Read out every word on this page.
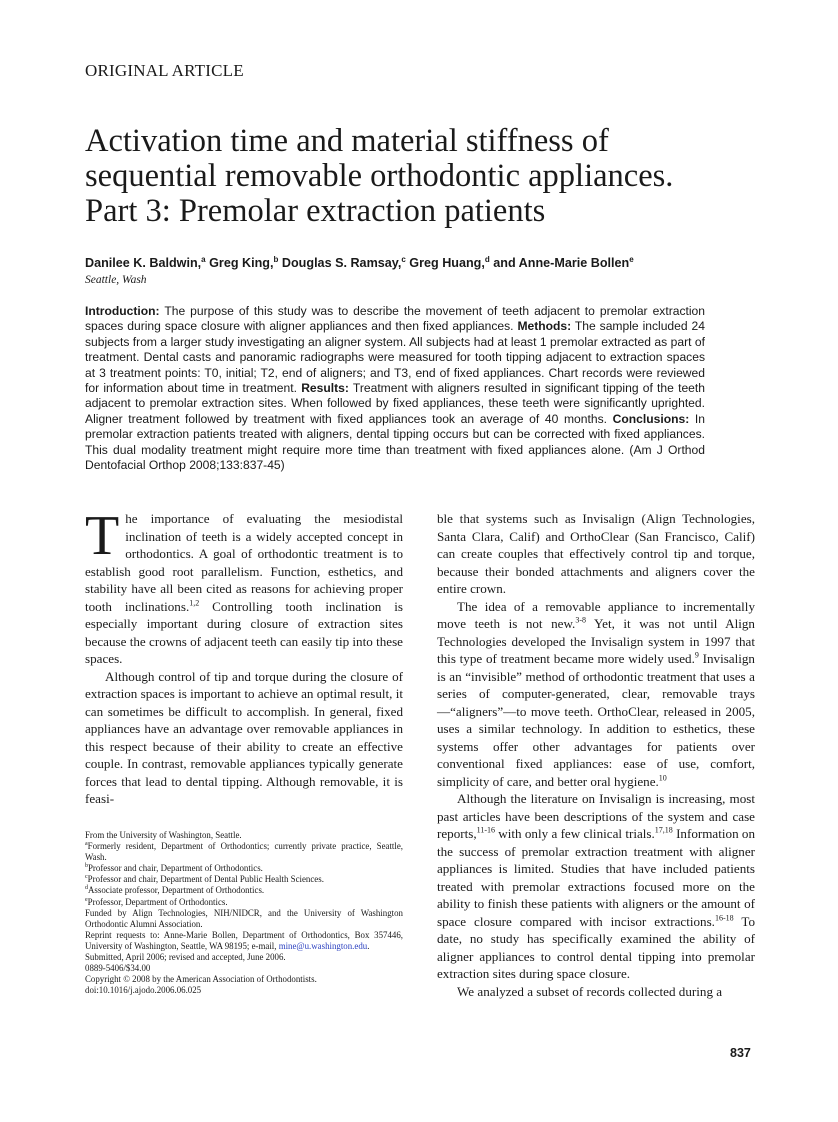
ORIGINAL ARTICLE
Activation time and material stiffness of
sequential removable orthodontic appliances.
Part 3: Premolar extraction patients
Danilee K. Baldwin,$^a$ Greg King,$^b$ Douglas S. Ramsay,$^c$ Greg Huang,$^d$ and Anne-Marie Bollen$^e$
Seattle, Wash
Introduction: The purpose of this study was to describe the movement of teeth adjacent to premolar extraction spaces during space closure with aligner appliances and then fixed appliances. Methods: The sample included 24 subjects from a larger study investigating an aligner system. All subjects had at least 1 premolar extracted as part of treatment. Dental casts and panoramic radiographs were measured for tooth tipping adjacent to extraction spaces at 3 treatment points: T0, initial; T2, end of aligners; and T3, end of fixed appliances. Chart records were reviewed for information about time in treatment. Results: Treatment with aligners resulted in significant tipping of the teeth adjacent to premolar extraction sites. When followed by fixed appliances, these teeth were significantly uprighted. Aligner treatment followed by treatment with fixed appliances took an average of 40 months. Conclusions: In premolar extraction patients treated with aligners, dental tipping occurs but can be corrected with fixed appliances. This dual modality treatment might require more time than treatment with fixed appliances alone. (Am J Orthod Dentofacial Orthop 2008;133:837-45)

The importance of evaluating the mesiodistal inclination of teeth is a widely accepted concept in orthodontics. A goal of orthodontic treatment is to establish good root parallelism. Function, esthetics, and stability have all been cited as reasons for achieving proper tooth inclinations.$^{1,2}$ Controlling tooth inclination is especially important during closure of extraction sites because the crowns of adjacent teeth can easily tip into these spaces.

Although control of tip and torque during the closure of extraction spaces is important to achieve an optimal result, it can sometimes be difficult to accomplish. In general, fixed appliances have an advantage over removable appliances in this respect because of their ability to create an effective couple. In contrast, removable appliances typically generate forces that lead to dental tipping. Although removable, it is feasi-

ble that systems such as Invisalign (Align Technologies, Santa Clara, Calif) and OrthoClear (San Francisco, Calif) can create couples that effectively control tip and torque, because their bonded attachments and aligners cover the entire crown.

The idea of a removable appliance to incrementally move teeth is not new.$^{3-8}$ Yet, it was not until Align Technologies developed the Invisalign system in 1997 that this type of treatment became more widely used.$^9$ Invisalign is an “invisible” method of orthodontic treatment that uses a series of computer-generated, clear, removable trays—“aligners”—to move teeth. OrthoClear, released in 2005, uses a similar technology. In addition to esthetics, these systems offer other advantages for patients over conventional fixed appliances: ease of use, comfort, simplicity of care, and better oral hygiene.$^{10}$

Although the literature on Invisalign is increasing, most past articles have been descriptions of the system and case reports,$^{11-16}$ with only a few clinical trials.$^{17,18}$ Information on the success of premolar extraction treatment with aligner appliances is limited. Studies that have included patients treated with premolar extractions focused more on the ability to finish these patients with aligners or the amount of space closure compared with incisor extractions.$^{16-18}$ To date, no study has specifically examined the ability of aligner appliances to control dental tipping into premolar extraction sites during space closure.

We analyzed a subset of records collected during a

From the University of Washington, Seattle.
$^a$Formerly resident, Department of Orthodontics; currently private practice, Seattle, Wash.
$^b$Professor and chair, Department of Orthodontics.
$^c$Professor and chair, Department of Dental Public Health Sciences.
$^d$Associate professor, Department of Orthodontics.
$^e$Professor, Department of Orthodontics.
Funded by Align Technologies, NIH/NIDCR, and the University of Washington Orthodontic Alumni Association.
Reprint requests to: Anne-Marie Bollen, Department of Orthodontics, Box 357446, University of Washington, Seattle, WA 98195; e-mail, mine@u.washington.edu.
Submitted, April 2006; revised and accepted, June 2006.
0889-5406/$34.00
Copyright © 2008 by the American Association of Orthodontists.
doi:10.1016/j.ajodo.2006.06.025
837
